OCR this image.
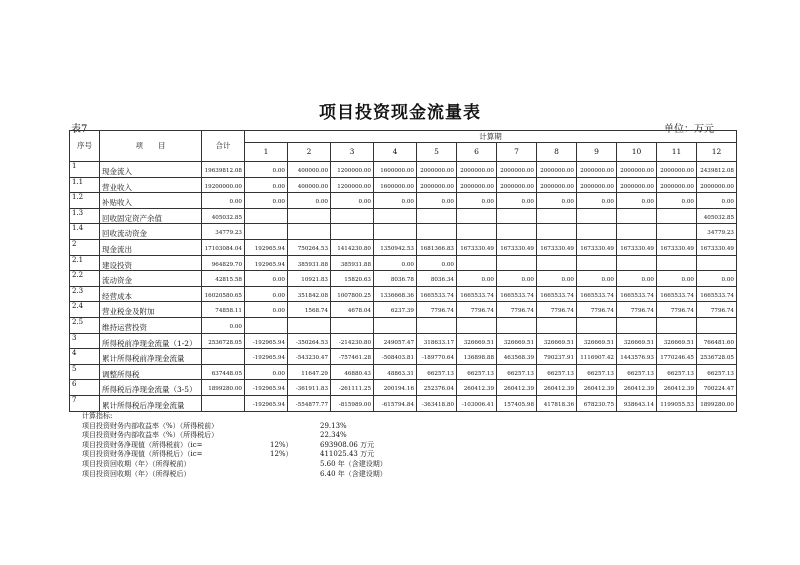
项目投资现金流量表
表7	单位：万元
序号	项　　目	合计	计算期											
			1	2	3	4	5	6	7	8	9	10	11	12
1	现金流入	19639812.08	0.00	400000.00	1200000.00	1600000.00	2000000.00	2000000.00	2000000.00	2000000.00	2000000.00	2000000.00	2000000.00	2439812.08
1.1	营业收入	19200000.00	0.00	400000.00	1200000.00	1600000.00	2000000.00	2000000.00	2000000.00	2000000.00	2000000.00	2000000.00	2000000.00	2000000.00
1.2	补贴收入	0.00	0.00	0.00	0.00	0.00	0.00	0.00	0.00	0.00	0.00	0.00	0.00	0.00
1.3	回收固定资产余值	405032.85												405032.85
1.4	回收流动资金	34779.23												34779.23
2	现金流出	17103084.04	192965.94	750264.53	1414230.80	1350942.53	1681366.83	1673330.49	1673330.49	1673330.49	1673330.49	1673330.49	1673330.49	1673330.49
2.1	建设投资	964829.70	192965.94	385931.88	385931.88	0.00	0.00							
2.2	流动资金	42815.58	0.00	10921.83	15820.63	8036.78	8036.34	0.00	0.00	0.00	0.00	0.00	0.00	0.00
2.3	经营成本	16020580.65	0.00	351842.08	1007800.25	1336668.36	1665533.74	1665533.74	1665533.74	1665533.74	1665533.74	1665533.74	1665533.74	1665533.74
2.4	营业税金及附加	74858.11	0.00	1568.74	4678.04	6237.39	7796.74	7796.74	7796.74	7796.74	7796.74	7796.74	7796.74	7796.74
2.5	维持运营投资	0.00												
3	所得税前净现金流量（1-2）	2536728.05	-192965.94	-350264.53	-214230.80	249057.47	318633.17	326669.51	326669.51	326669.51	326669.51	326669.51	326669.51	766481.60
4	累计所得税前净现金流量		-192965.94	-543230.47	-757461.28	-508403.81	-189770.64	136898.88	463568.39	790237.91	1116907.42	1443576.93	1770246.45	2536728.05
5	调整所得税	637448.05	0.00	11647.29	46880.43	48863.31	66257.13	66257.13	66257.13	66257.13	66257.13	66257.13	66257.13	66257.13
6	所得税后净现金流量（3-5）	1899280.00	-192965.94	-361911.83	-261111.25	200194.16	252376.04	260412.39	260412.39	260412.39	260412.39	260412.39	260412.39	700224.47
7	累计所得税后净现金流量		-192965.94	-554877.77	-815989.00	-615794.84	-363418.80	-103006.41	157405.98	417818.36	678230.75	938643.14	1199055.53	1899280.00
计算指标:
项目投资财务内部收益率（%）（所得税前）	29.13%
项目投资财务内部收益率（%）（所得税后）	22.34%
项目投资财务净现值（所得税前）（ic=	12%）	693908.06 万元
项目投资财务净现值（所得税后）（ic=	12%）	411025.43 万元
项目投资回收期（年）（所得税前）	5.60 年（含建设期）
项目投资回收期（年）（所得税后）	6.40 年（含建设期）
